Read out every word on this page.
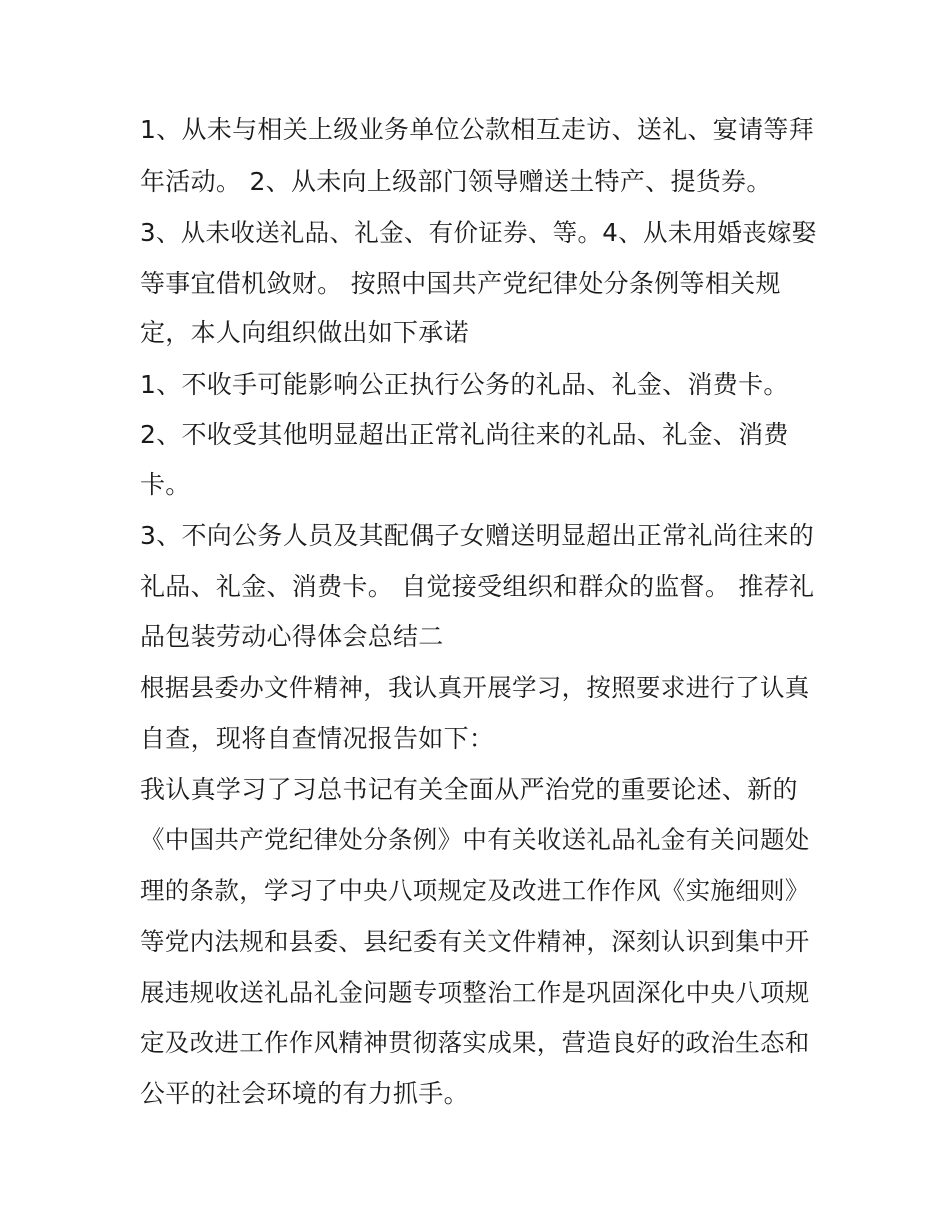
1、从未与相关上级业务单位公款相互走访、送礼、宴请等拜
年活动。 2、从未向上级部门领导赠送土特产、提货券。
3、从未收送礼品、礼金、有价证券、等。4、从未用婚丧嫁娶
等事宜借机敛财。 按照中国共产党纪律处分条例等相关规
定，本人向组织做出如下承诺
1、不收手可能影响公正执行公务的礼品、礼金、消费卡。
2、不收受其他明显超出正常礼尚往来的礼品、礼金、消费
卡。
3、不向公务人员及其配偶子女赠送明显超出正常礼尚往来的
礼品、礼金、消费卡。 自觉接受组织和群众的监督。 推荐礼
品包装劳动心得体会总结二
根据县委办文件精神，我认真开展学习，按照要求进行了认真
自查，现将自查情况报告如下：
我认真学习了习总书记有关全面从严治党的重要论述、新的
《中国共产党纪律处分条例》中有关收送礼品礼金有关问题处
理的条款，学习了中央八项规定及改进工作作风《实施细则》
等党内法规和县委、县纪委有关文件精神，深刻认识到集中开
展违规收送礼品礼金问题专项整治工作是巩固深化中央八项规
定及改进工作作风精神贯彻落实成果，营造良好的政治生态和
公平的社会环境的有力抓手。
